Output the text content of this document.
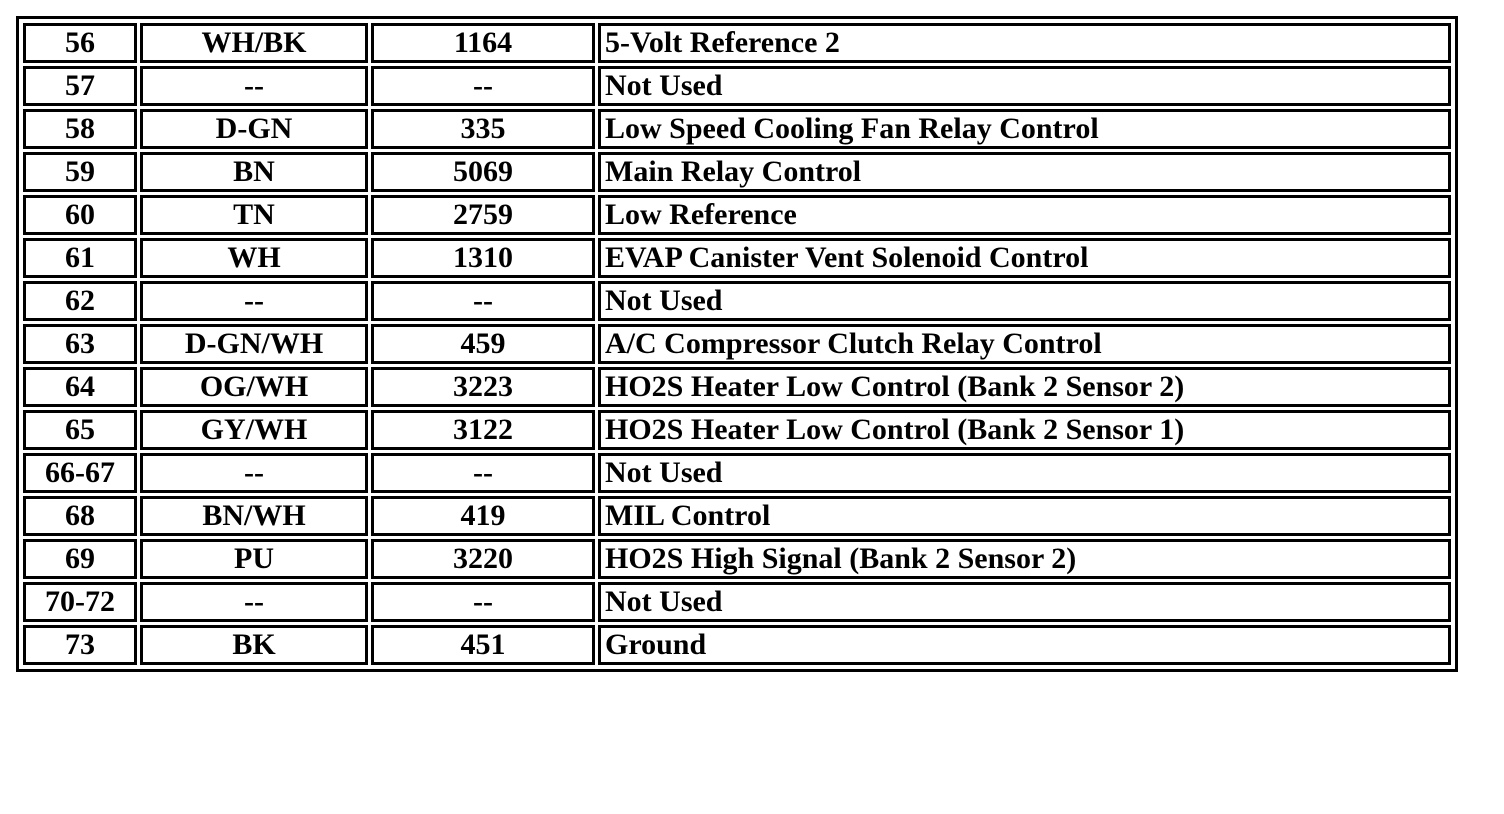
56	WH/BK	1164	5-Volt Reference 2
57	--	--	Not Used
58	D-GN	335	Low Speed Cooling Fan Relay Control
59	BN	5069	Main Relay Control
60	TN	2759	Low Reference
61	WH	1310	EVAP Canister Vent Solenoid Control
62	--	--	Not Used
63	D-GN/WH	459	A/C Compressor Clutch Relay Control
64	OG/WH	3223	HO2S Heater Low Control (Bank 2 Sensor 2)
65	GY/WH	3122	HO2S Heater Low Control (Bank 2 Sensor 1)
66-67	--	--	Not Used
68	BN/WH	419	MIL Control
69	PU	3220	HO2S High Signal (Bank 2 Sensor 2)
70-72	--	--	Not Used
73	BK	451	Ground
